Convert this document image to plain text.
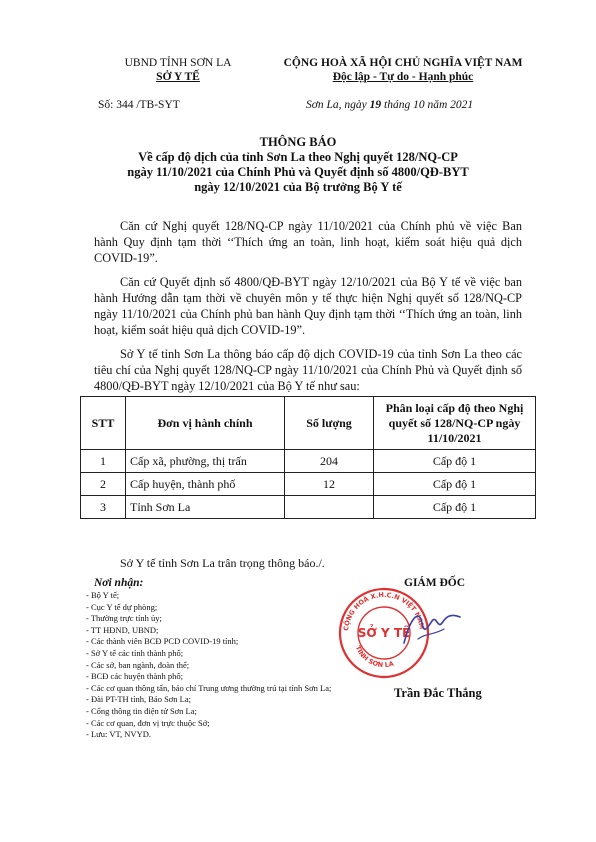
UBND TỈNH SƠN LA
SỞ Y TẾ
CỘNG HOÀ XÃ HỘI CHỦ NGHĨA VIỆT NAM
Độc lập - Tự do - Hạnh phúc
Số: 344 /TB-SYT	Sơn La, ngày 19 tháng 10 năm 2021
THÔNG BÁO
Về cấp độ dịch của tỉnh Sơn La theo Nghị quyết 128/NQ-CP
ngày 11/10/2021 của Chính Phủ và Quyết định số 4800/QĐ-BYT
ngày 12/10/2021 của Bộ trưởng Bộ Y tế
Căn cứ Nghị quyết 128/NQ-CP ngày 11/10/2021 của Chính phủ về việc Ban hành Quy định tạm thời ‘‘Thích ứng an toàn, linh hoạt, kiểm soát hiệu quả dịch COVID-19”.
Căn cứ Quyết định số 4800/QĐ-BYT ngày 12/10/2021 của Bộ Y tế về việc ban hành Hướng dẫn tạm thời về chuyên môn y tế thực hiện Nghị quyết số 128/NQ-CP ngày 11/10/2021 của Chính phủ ban hành Quy định tạm thời ‘‘Thích ứng an toàn, linh hoạt, kiểm soát hiệu quả dịch COVID-19”.
Sở Y tế tỉnh Sơn La thông báo cấp độ dịch COVID-19 của tỉnh Sơn La theo các tiêu chí của Nghị quyết 128/NQ-CP ngày 11/10/2021 của Chính Phủ và Quyết định số 4800/QĐ-BYT ngày 12/10/2021 của Bộ Y tế như sau:
STT	Đơn vị hành chính	Số lượng	Phân loại cấp độ theo Nghị quyết số 128/NQ-CP ngày 11/10/2021
1	Cấp xã, phường, thị trấn	204	Cấp độ 1
2	Cấp huyện, thành phố	12	Cấp độ 1
3	Tỉnh Sơn La		Cấp độ 1
Sở Y tế tỉnh Sơn La trân trọng thông báo./.
Nơi nhận:
- Bộ Y tế;
- Cục Y tế dự phòng;
- Thường trực tỉnh ủy;
- TT HĐND, UBND;
- Các thành viên BCĐ PCD COVID-19 tỉnh;
- Sở Y tế các tỉnh thành phố;
- Các sở, ban ngành, đoàn thể;
- BCĐ các huyện thành phố;
- Các cơ quan thông tấn, báo chí Trung ương thường trú tại tỉnh Sơn La;
- Đài PT-TH tỉnh, Báo Sơn La;
- Cổng thông tin điện tử Sơn La;
- Các cơ quan, đơn vị trực thuộc Sở;
- Lưu: VT, NVYD.
GIÁM ĐỐC
CỘNG HOÀ X.H.C.N VIỆT NAM
SỞ Y TẾ
TỈNH SƠN LA
Trần Đắc Thắng
